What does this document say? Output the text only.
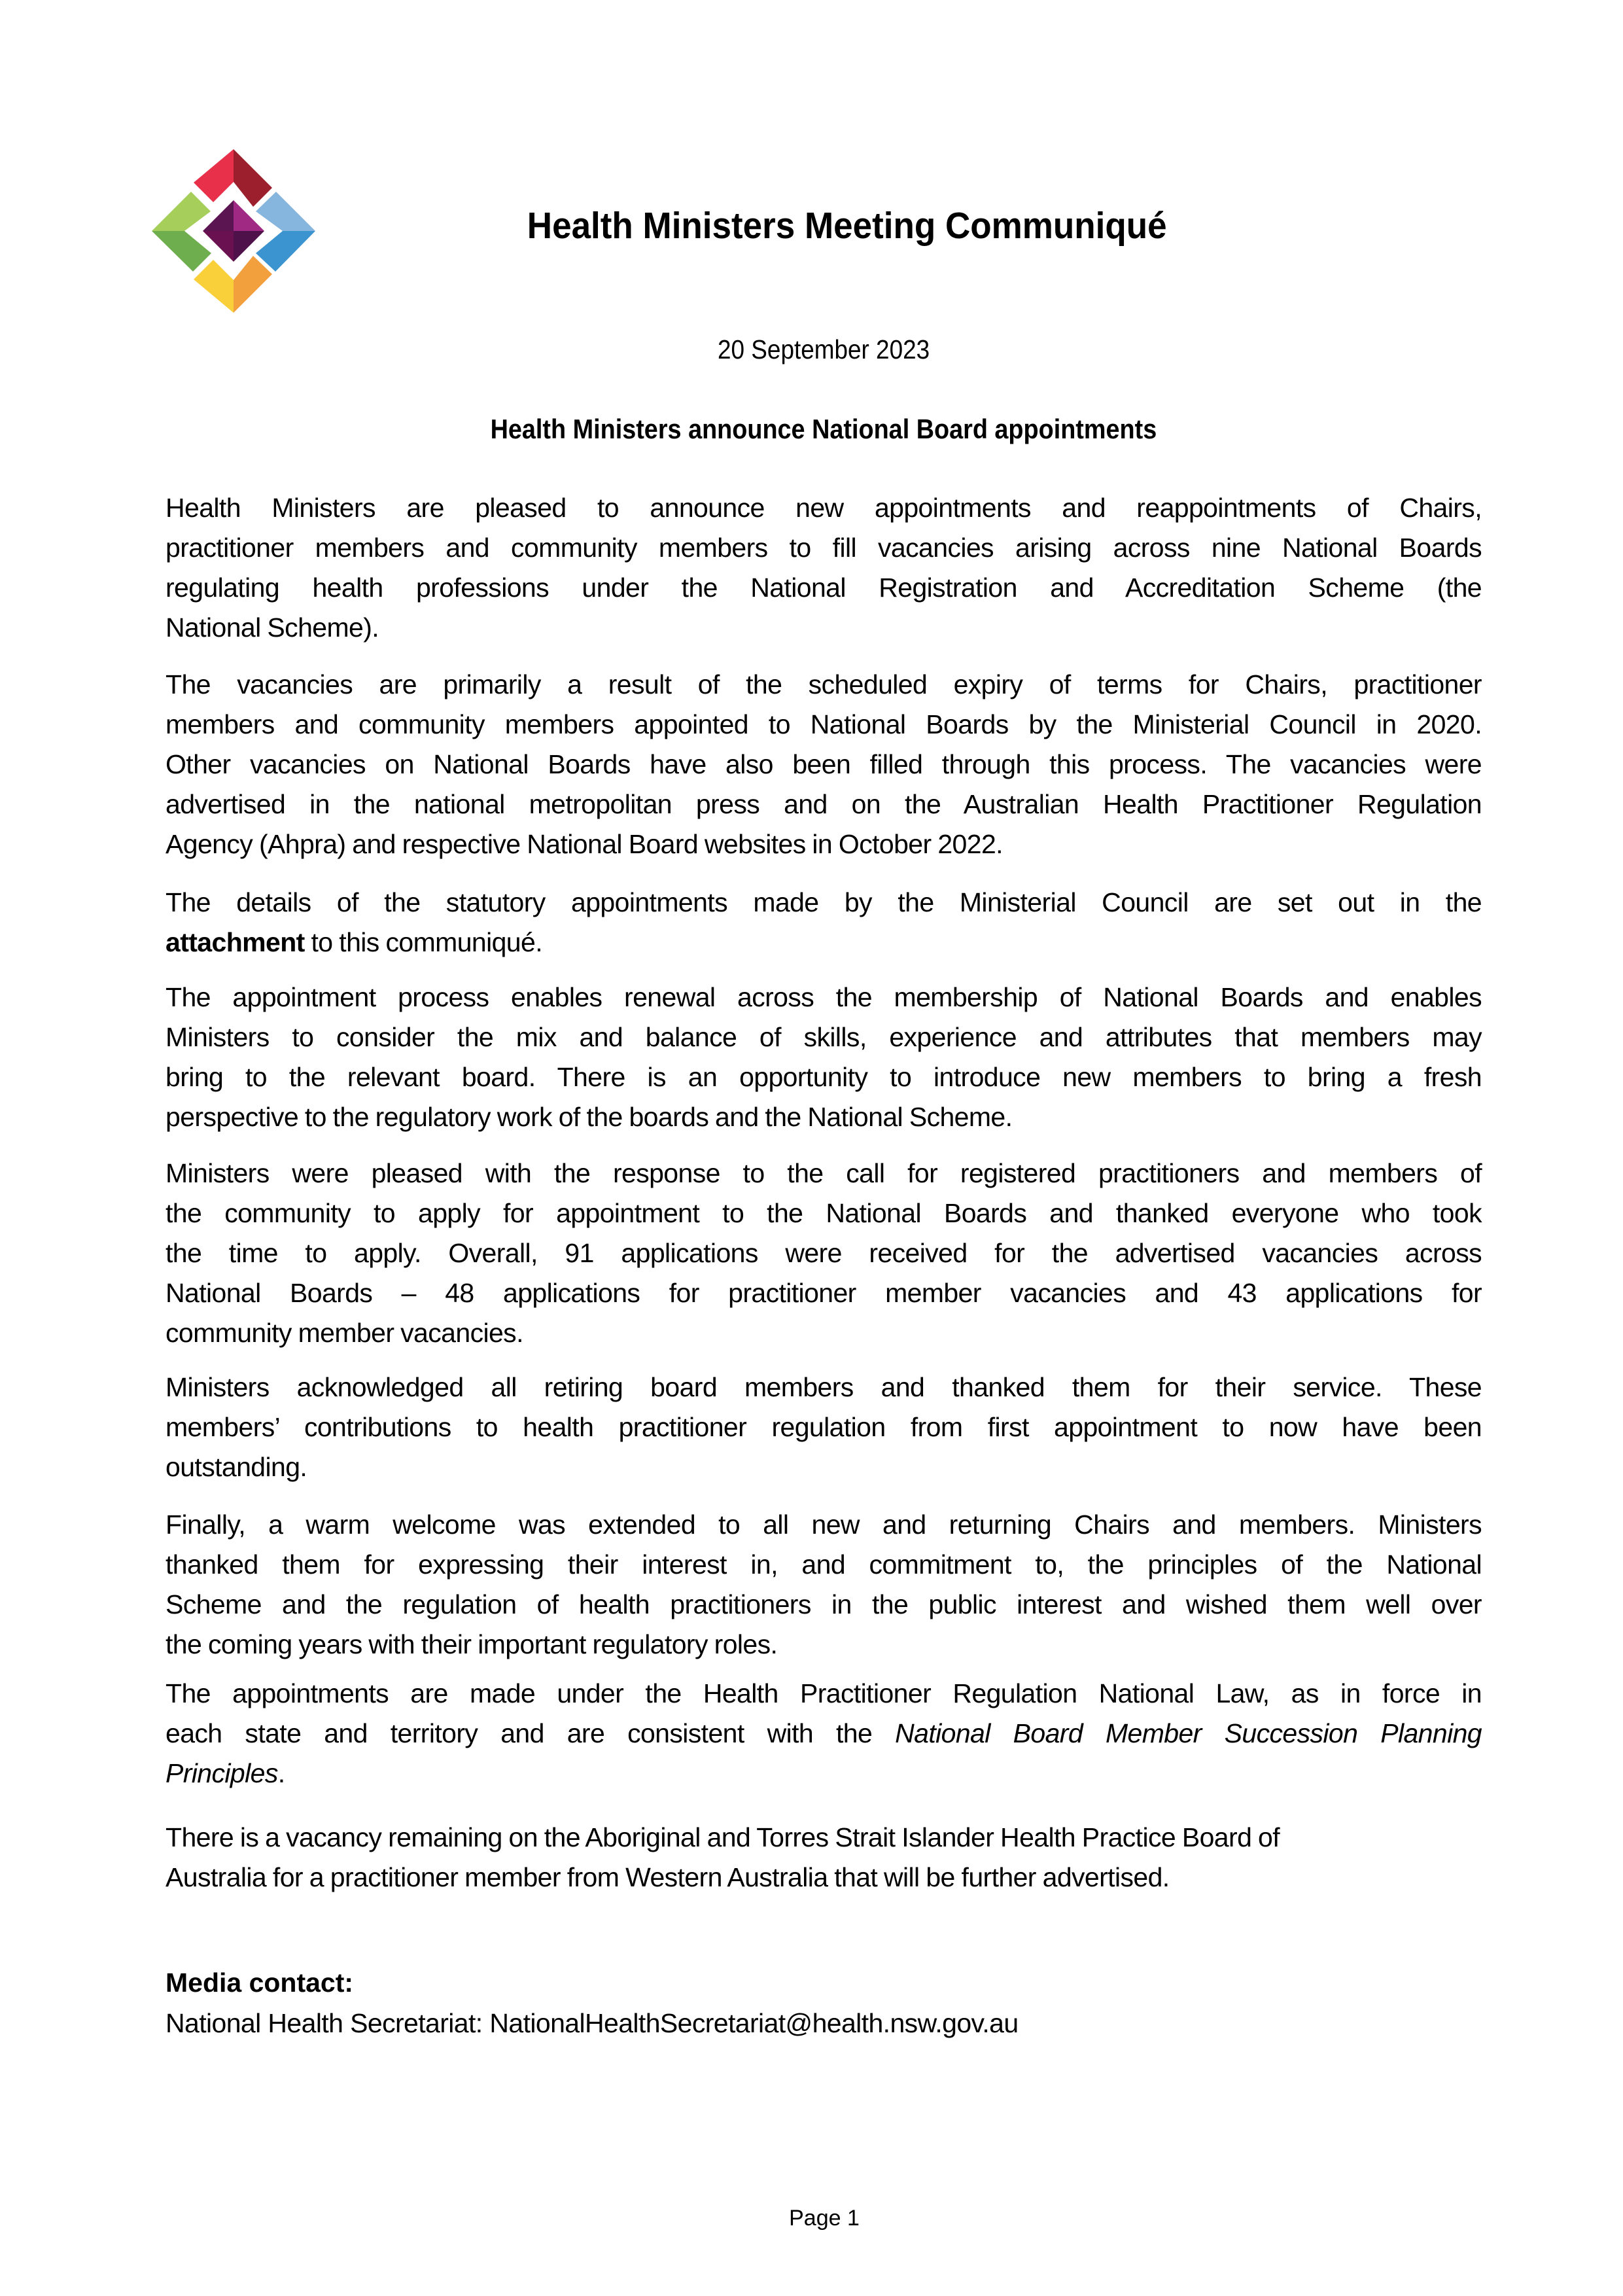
Health Ministers Meeting Communiqué
20 September 2023
Health Ministers announce National Board appointments
Health Ministers are pleased to announce new appointments and reappointments of Chairs,
practitioner members and community members to fill vacancies arising across nine National Boards
regulating health professions under the National Registration and Accreditation Scheme (the
National Scheme).
The vacancies are primarily a result of the scheduled expiry of terms for Chairs, practitioner
members and community members appointed to National Boards by the Ministerial Council in 2020.
Other vacancies on National Boards have also been filled through this process. The vacancies were
advertised in the national metropolitan press and on the Australian Health Practitioner Regulation
Agency (Ahpra) and respective National Board websites in October 2022.
The details of the statutory appointments made by the Ministerial Council are set out in the
attachment to this communiqué.
The appointment process enables renewal across the membership of National Boards and enables
Ministers to consider the mix and balance of skills, experience and attributes that members may
bring to the relevant board. There is an opportunity to introduce new members to bring a fresh
perspective to the regulatory work of the boards and the National Scheme.
Ministers were pleased with the response to the call for registered practitioners and members of
the community to apply for appointment to the National Boards and thanked everyone who took
the time to apply. Overall, 91 applications were received for the advertised vacancies across
National Boards – 48 applications for practitioner member vacancies and 43 applications for
community member vacancies.
Ministers acknowledged all retiring board members and thanked them for their service. These
members’ contributions to health practitioner regulation from first appointment to now have been
outstanding.
Finally, a warm welcome was extended to all new and returning Chairs and members. Ministers
thanked them for expressing their interest in, and commitment to, the principles of the National
Scheme and the regulation of health practitioners in the public interest and wished them well over
the coming years with their important regulatory roles.
The appointments are made under the Health Practitioner Regulation National Law, as in force in
each state and territory and are consistent with the National Board Member Succession Planning
Principles.
There is a vacancy remaining on the Aboriginal and Torres Strait Islander Health Practice Board of
Australia for a practitioner member from Western Australia that will be further advertised.
Media contact:
National Health Secretariat: NationalHealthSecretariat@health.nsw.gov.au
Page 1
